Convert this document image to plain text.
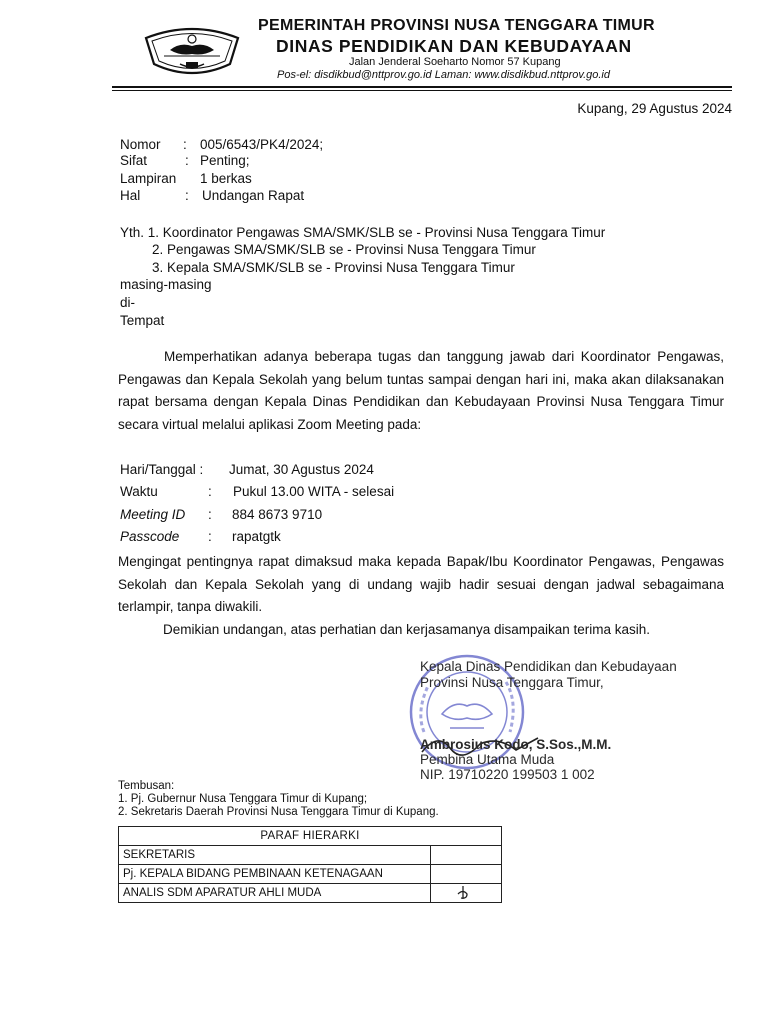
PEMERINTAH PROVINSI NUSA TENGGARA TIMUR
DINAS PENDIDIKAN DAN KEBUDAYAAN
Jalan Jenderal Soeharto Nomor 57 Kupang
Pos-el: disdikbud@nttprov.go.id Laman: www.disdikbud.nttprov.go.id
Kupang, 29 Agustus 2024
Nomor : 005/6543/PK4/2024;
Sifat	: Penting;
Lampiran 1 berkas
Hal	: Undangan Rapat
Yth. 1. Koordinator Pengawas SMA/SMK/SLB se - Provinsi Nusa Tenggara Timur
2. Pengawas SMA/SMK/SLB se - Provinsi Nusa Tenggara Timur
3. Kepala SMA/SMK/SLB se - Provinsi Nusa Tenggara Timur
masing-masing
di-
Tempat
Memperhatikan adanya beberapa tugas dan tanggung jawab dari Koordinator Pengawas, Pengawas dan Kepala Sekolah yang belum tuntas sampai dengan hari ini, maka akan dilaksanakan rapat bersama dengan Kepala Dinas Pendidikan dan Kebudayaan Provinsi Nusa Tenggara Timur secara virtual melalui aplikasi Zoom Meeting pada:
Hari/Tanggal : Jumat, 30 Agustus 2024
Waktu	: Pukul 13.00 WITA - selesai
Meeting ID : 884 8673 9710
Passcode : rapatgtk
Mengingat pentingnya rapat dimaksud maka kepada Bapak/Ibu Koordinator Pengawas, Pengawas Sekolah dan Kepala Sekolah yang di undang wajib hadir sesuai dengan jadwal sebagaimana terlampir, tanpa diwakili.
Demikian undangan, atas perhatian dan kerjasamanya disampaikan terima kasih.
Kepala Dinas Pendidikan dan Kebudayaan
Provinsi Nusa Tenggara Timur,
Ambrosius Kodo, S.Sos.,M.M.
Pembina Utama Muda
NIP. 19710220 199503 1 002
Tembusan:
1. Pj. Gubernur Nusa Tenggara Timur di Kupang;
2. Sekretaris Daerah Provinsi Nusa Tenggara Timur di Kupang.
PARAF HIERARKI	
SEKRETARIS	
Pj. KEPALA BIDANG PEMBINAAN KETENAGAAN	
ANALIS SDM APARATUR AHLI MUDA	
